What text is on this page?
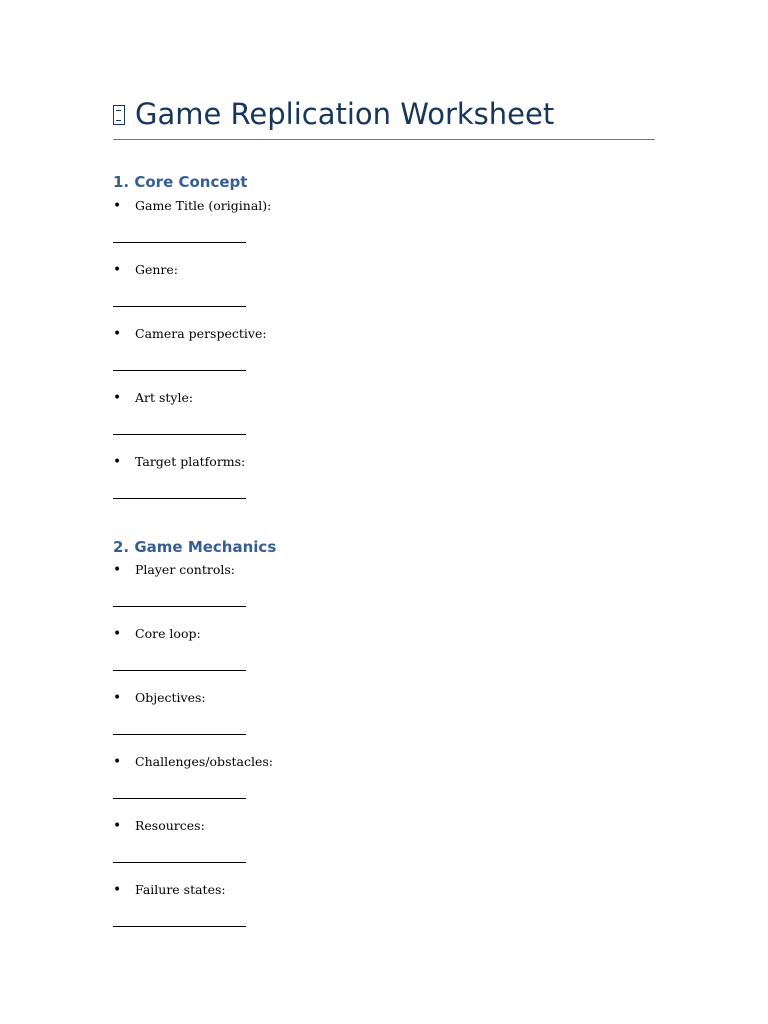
Game Replication Worksheet
1. Core Concept
• Game Title (original):
• Genre:
• Camera perspective:
• Art style:
• Target platforms:
2. Game Mechanics
• Player controls:
• Core loop:
• Objectives:
• Challenges/obstacles:
• Resources:
• Failure states:
